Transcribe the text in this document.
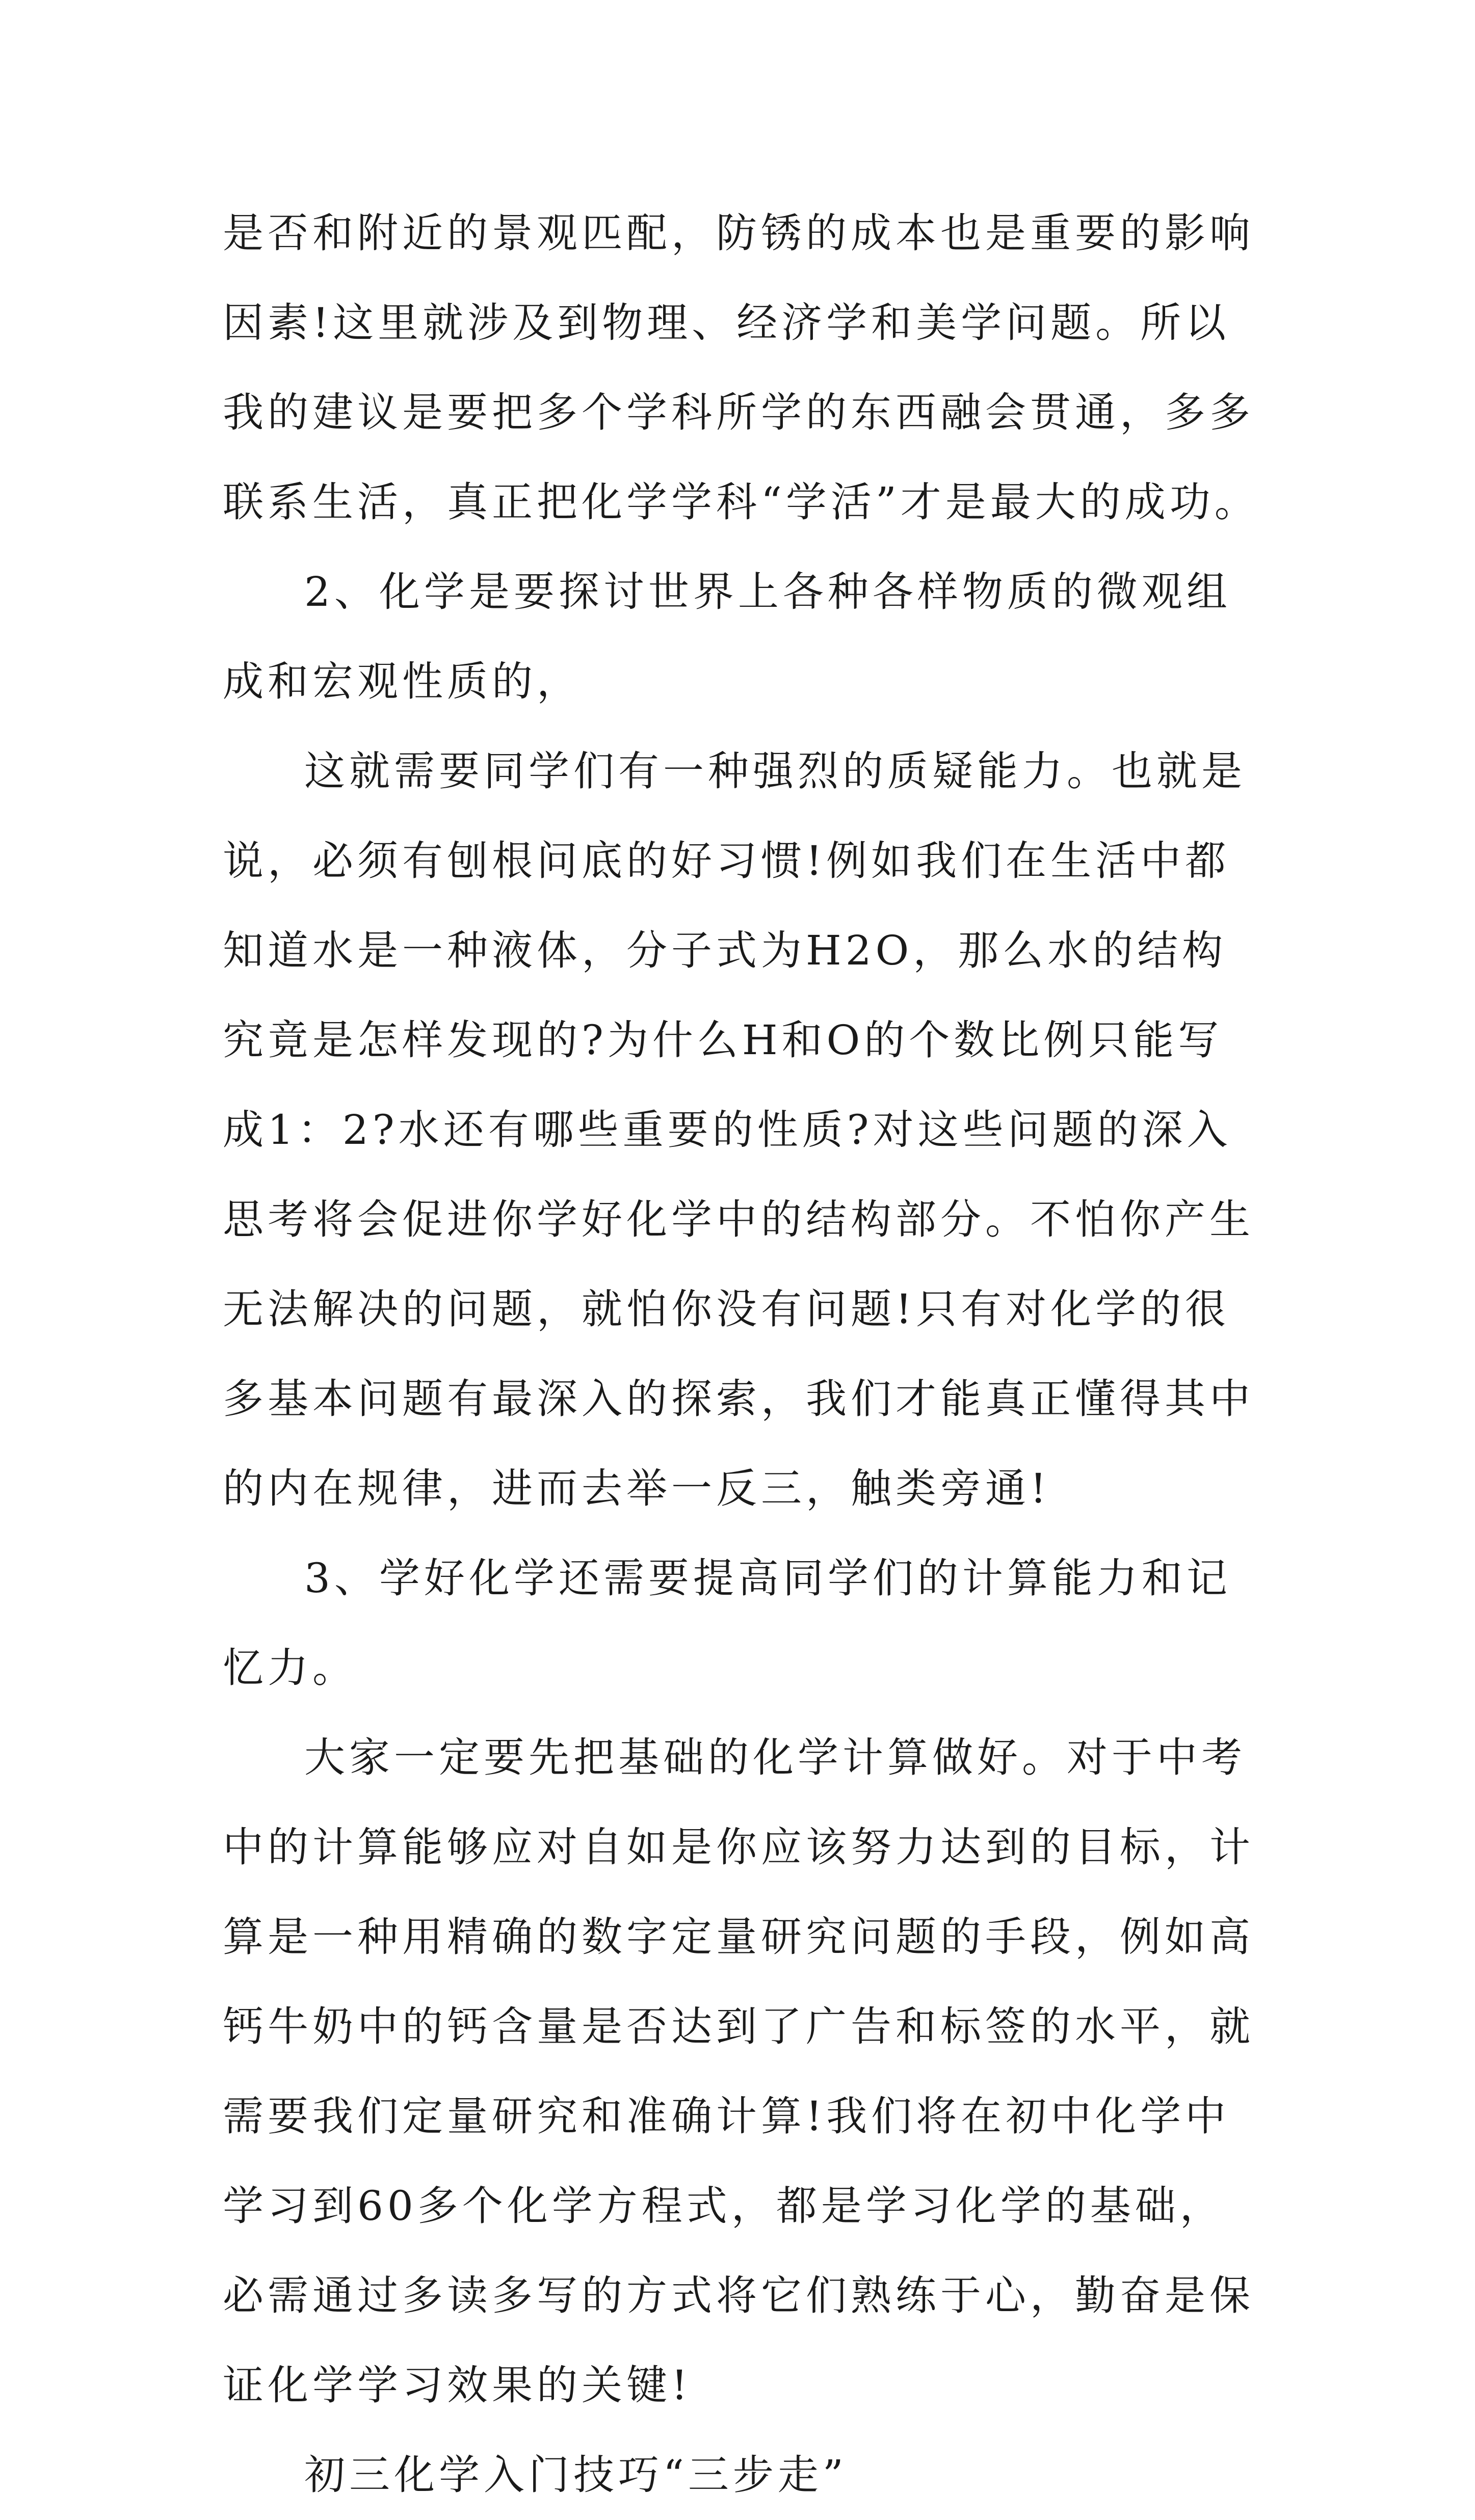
是否和附近的景观匹配，防锈的成本也是重要的影响因素!这里就涉及到物理、经济学和美学问题。所以我的建议是要把多个学科所学的东西融会贯通，多多联系生活，真正把化学学科“学活”才是最大的成功。

2、化学是要探讨世界上各种各样物质的微观组成和宏观性质的，

这就需要同学们有一种强烈的质疑能力。也就是说，必须有刨根问底的好习惯!例如我们在生活中都知道水是一种液体，分子式为H2O，那么水的结构究竟是怎样发现的?为什么H和O的个数比例只能写成1：2?水还有哪些重要的性质?对这些问题的深入思考将会促进你学好化学中的结构部分。不怕你产生无法解决的问题，就怕你没有问题!只有对化学的很多基本问题有最深入的探索，我们才能真正懂得其中的内在规律，进而去举一反三，触类旁通!

3、学好化学还需要提高同学们的计算能力和记忆力。

大家一定要先把基础的化学计算做好。对于中考中的计算能够应对自如是你应该努力达到的目标，计算是一种用精确的数字定量研究问题的手段，例如高钙牛奶中的钙含量是否达到了广告和标签的水平，就需要我们定量研究和准确计算!我们将在初中化学中学习到60多个化学方程式，都是学习化学的基础，必需通过多读多写的方式将它们熟练于心，勤奋是保证化学学习效果的关键!

初三化学入门技巧“三步走”
